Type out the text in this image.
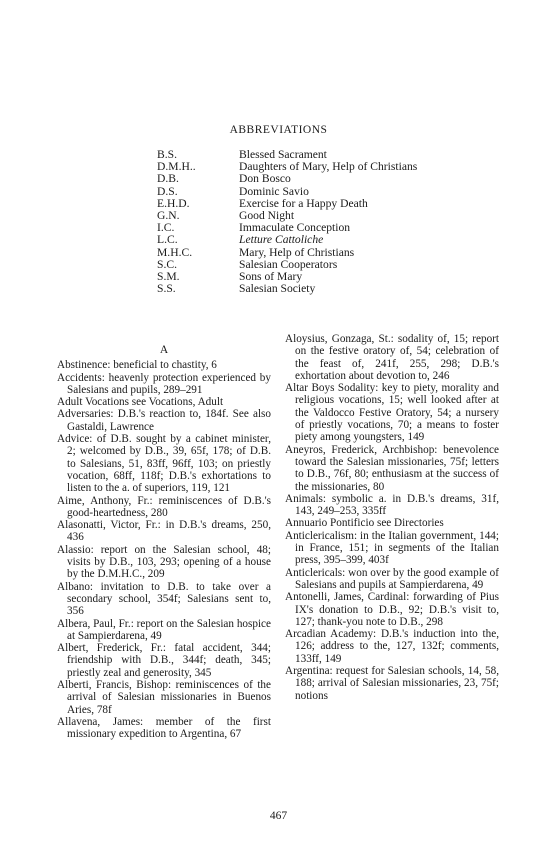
ABBREVIATIONS
B.S.	Blessed Sacrament
D.M.H..	Daughters of Mary, Help of Christians
D.B.	Don Bosco
D.S.	Dominic Savio
E.H.D.	Exercise for a Happy Death
G.N.	Good Night
I.C.	Immaculate Conception
L.C.	Letture Cattoliche
M.H.C.	Mary, Help of Christians
S.C.	Salesian Cooperators
S.M.	Sons of Mary
S.S.	Salesian Society
A

Abstinence: beneficial to chastity, 6

Accidents: heavenly protection experienced by Salesians and pupils, 289–291

Adult Vocations see Vocations, Adult

Adversaries: D.B.'s reaction to, 184f. See also Gastaldi, Lawrence

Advice: of D.B. sought by a cabinet minister, 2; welcomed by D.B., 39, 65f, 178; of D.B. to Salesians, 51, 83ff, 96ff, 103; on priestly vocation, 68ff, 118f; D.B.'s exhortations to listen to the a. of superiors, 119, 121

Aime, Anthony, Fr.: reminiscences of D.B.'s good-heartedness, 280

Alasonatti, Victor, Fr.: in D.B.'s dreams, 250, 436

Alassio: report on the Salesian school, 48; visits by D.B., 103, 293; opening of a house by the D.M.H.C., 209

Albano: invitation to D.B. to take over a secondary school, 354f; Salesians sent to, 356

Albera, Paul, Fr.: report on the Salesian hospice at Sampierdarena, 49

Albert, Frederick, Fr.: fatal accident, 344; friendship with D.B., 344f; death, 345; priestly zeal and generosity, 345

Alberti, Francis, Bishop: reminiscences of the arrival of Salesian missionaries in Buenos Aries, 78f

Allavena, James: member of the first missionary expedition to Argentina, 67

Aloysius, Gonzaga, St.: sodality of, 15; report on the festive oratory of, 54; celebration of the feast of, 241f, 255, 298; D.B.'s exhortation about devotion to, 246

Altar Boys Sodality: key to piety, morality and religious vocations, 15; well looked after at the Valdocco Festive Oratory, 54; a nursery of priestly vocations, 70; a means to foster piety among youngsters, 149

Aneyros, Frederick, Archbishop: benevolence toward the Salesian missionaries, 75f; letters to D.B., 76f, 80; enthusiasm at the success of the missionaries, 80

Animals: symbolic a. in D.B.'s dreams, 31f, 143, 249–253, 335ff

Annuario Pontificio see Directories

Anticlericalism: in the Italian government, 144; in France, 151; in segments of the Italian press, 395–399, 403f

Anticlericals: won over by the good example of Salesians and pupils at Sampierdarena, 49

Antonelli, James, Cardinal: forwarding of Pius IX's donation to D.B., 92; D.B.'s visit to, 127; thank-you note to D.B., 298

Arcadian Academy: D.B.'s induction into the, 126; address to the, 127, 132f; comments, 133ff, 149

Argentina: request for Salesian schools, 14, 58, 188; arrival of Salesian missionaries, 23, 75f; notions

467
